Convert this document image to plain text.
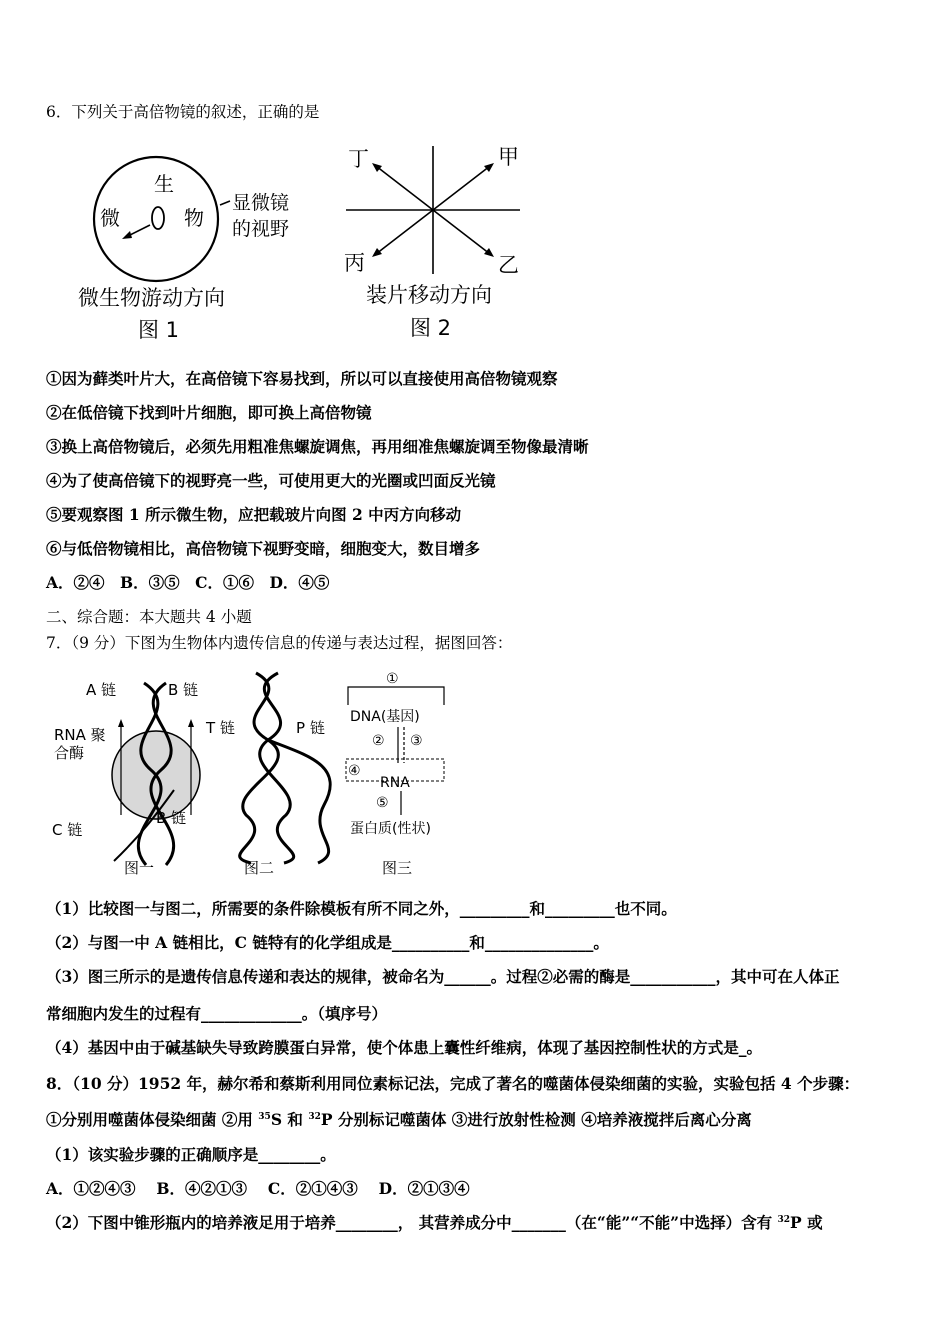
6．下列关于高倍物镜的叙述，正确的是
生
微	物
显微镜
的视野
微生物游动方向
图 1
丁	甲
丙	乙
装片移动方向
图 2
①因为藓类叶片大，在高倍镜下容易找到，所以可以直接使用高倍物镜观察
②在低倍镜下找到叶片细胞，即可换上高倍物镜
③换上高倍物镜后，必须先用粗准焦螺旋调焦，再用细准焦螺旋调至物像最清晰
④为了使高倍镜下的视野亮一些，可使用更大的光圈或凹面反光镜
⑤要观察图 1 所示微生物，应把载玻片向图 2 中丙方向移动
⑥与低倍物镜相比，高倍物镜下视野变暗，细胞变大，数目增多
A．②④　B．③⑤　C．①⑥　D．④⑤
二、综合题：本大题共 4 小题
7．（9 分）下图为生物体内遗传信息的传递与表达过程，据图回答：
A 链	B 链
RNA 聚
合酶
C 链
B 链
图一
T 链	P 链
图二
①
DNA(基因)
② ③
④
RNA
⑤
蛋白质(性状)
图三
（1）比较图一与图二，所需要的条件除模板有所不同之外，_________和_________也不同。
（2）与图一中 A 链相比，C 链特有的化学组成是__________和______________。
（3）图三所示的是遗传信息传递和表达的规律，被命名为______。过程②必需的酶是___________，其中可在人体正
常细胞内发生的过程有_____________。（填序号）
（4）基因中由于碱基缺失导致跨膜蛋白异常，使个体患上囊性纤维病，体现了基因控制性状的方式是_。
8．（10 分）1952 年，赫尔希和蔡斯利用同位素标记法，完成了著名的噬菌体侵染细菌的实验，实验包括 4 个步骤：
①分别用噬菌体侵染细菌 ②用 $^{35}$S 和 $^{32}$P 分别标记噬菌体 ③进行放射性检测 ④培养液搅拌后离心分离
（1）该实验步骤的正确顺序是________。
A．①②④③　 B．④②①③　 C．②①④③　 D．②①③④
（2）下图中锥形瓶内的培养液足用于培养________， 其营养成分中_______（在“能”“不能”中选择）含有 $^{32}$P 或
